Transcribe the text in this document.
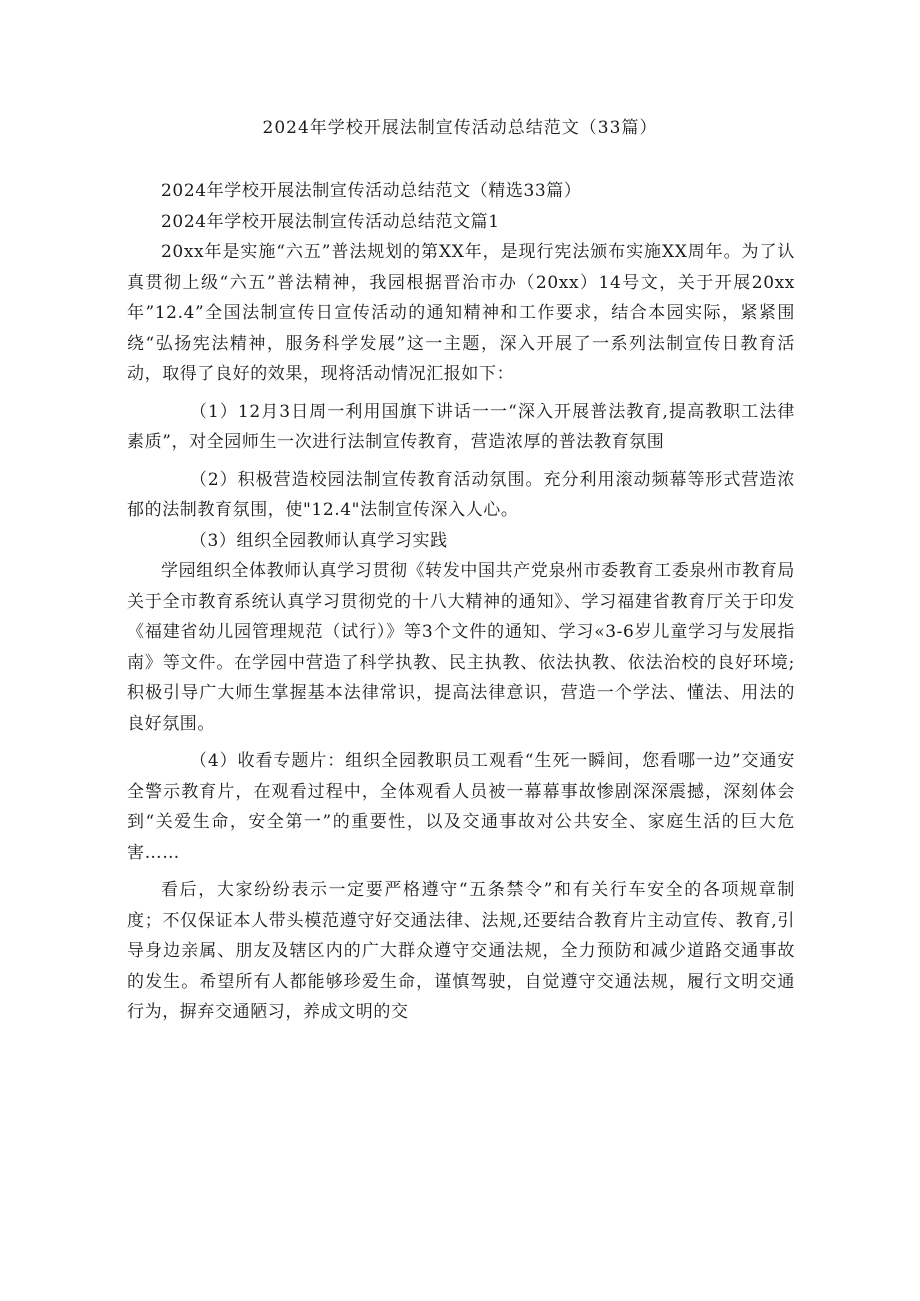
2024年学校开展法制宣传活动总结范文（33篇）

2024年学校开展法制宣传活动总结范文（精选33篇）

2024年学校开展法制宣传活动总结范文篇1

20xx年是实施“六五”普法规划的第XX年，是现行宪法颁布实施XX周年。为了认真贯彻上级“六五”普法精神，我园根据晋治市办（20xx）14号文，关于开展20xx年”12.4”全国法制宣传日宣传活动的通知精神和工作要求，结合本园实际，紧紧围绕“弘扬宪法精神，服务科学发展”这一主题，深入开展了一系列法制宣传日教育活动，取得了良好的效果，现将活动情况汇报如下：

（1）12月3日周一利用国旗下讲话一一“深入开展普法教育,提高教职工法律素质”，对全园师生一次进行法制宣传教育，营造浓厚的普法教育氛围

（2）积极营造校园法制宣传教育活动氛围。充分利用滚动频幕等形式营造浓郁的法制教育氛围，使"12.4"法制宣传深入人心。

（3）组织全园教师认真学习实践

学园组织全体教师认真学习贯彻《转发中国共产党泉州市委教育工委泉州市教育局关于全市教育系统认真学习贯彻党的十八大精神的通知》、学习福建省教育厅关于印发《福建省幼儿园管理规范（试行）》等3个文件的通知、学习«3-6岁儿童学习与发展指南》等文件。在学园中营造了科学执教、民主执教、依法执教、依法治校的良好环境;积极引导广大师生掌握基本法律常识，提高法律意识，营造一个学法、懂法、用法的良好氛围。

（4）收看专题片：组织全园教职员工观看“生死一瞬间，您看哪一边”交通安全警示教育片，在观看过程中，全体观看人员被一幕幕事故惨剧深深震撼，深刻体会到“关爱生命，安全第一”的重要性，以及交通事故对公共安全、家庭生活的巨大危害……

看后，大家纷纷表示一定要严格遵守“五条禁令”和有关行车安全的各项规章制度；不仅保证本人带头模范遵守好交通法律、法规,还要结合教育片主动宣传、教育,引导身边亲属、朋友及辖区内的广大群众遵守交通法规，全力预防和减少道路交通事故的发生。希望所有人都能够珍爱生命，谨慎驾驶，自觉遵守交通法规，履行文明交通行为，摒弃交通陋习，养成文明的交
